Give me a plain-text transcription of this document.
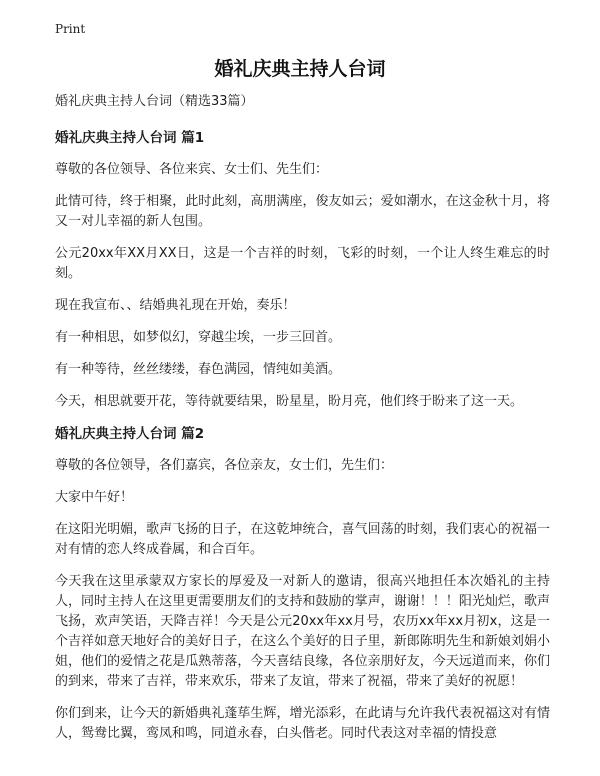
Print
婚礼庆典主持人台词
婚礼庆典主持人台词（精选33篇）
婚礼庆典主持人台词 篇1

尊敬的各位领导、各位来宾、女士们、先生们：

此情可待，终于相聚，此时此刻，高朋满座，俊友如云；爱如潮水，在这金秋十月，将又一对儿幸福的新人包围。

公元20xx年XX月XX日，这是一个吉祥的时刻，飞彩的时刻，一个让人终生难忘的时刻。

现在我宣布、、结婚典礼现在开始，奏乐！

有一种相思，如梦似幻，穿越尘埃，一步三回首。

有一种等待，丝丝缕缕，春色满园，情纯如美酒。

今天，相思就要开花，等待就要结果，盼星星，盼月亮，他们终于盼来了这一天。

婚礼庆典主持人台词 篇2

尊敬的各位领导，各们嘉宾，各位亲友，女士们，先生们：

大家中午好！

在这阳光明媚，歌声飞扬的日子，在这乾坤统合，喜气回荡的时刻，我们衷心的祝福一对有情的恋人终成眷属，和合百年。

今天我在这里承蒙双方家长的厚爱及一对新人的邀请，很高兴地担任本次婚礼的主持人，同时主持人在这里更需要朋友们的支持和鼓励的掌声，谢谢！！！阳光灿烂，歌声飞扬，欢声笑语，天降吉祥！今天是公元20xx年xx月号，农历xx年xx月初x，这是一个吉祥如意天地好合的美好日子，在这么个美好的日子里，新郎陈明先生和新娘刘娟小姐，他们的爱情之花是瓜熟蒂落，今天喜结良缘，各位亲朋好友，今天远道而来，你们的到来，带来了吉祥，带来欢乐，带来了友谊，带来了祝福，带来了美好的祝愿！

你们到来，让今天的新婚典礼蓬荜生辉，增光添彩，在此请与允许我代表祝福这对有情人，鸳鸯比翼，鸾凤和鸣，同道永春，白头偕老。同时代表这对幸福的情投意
